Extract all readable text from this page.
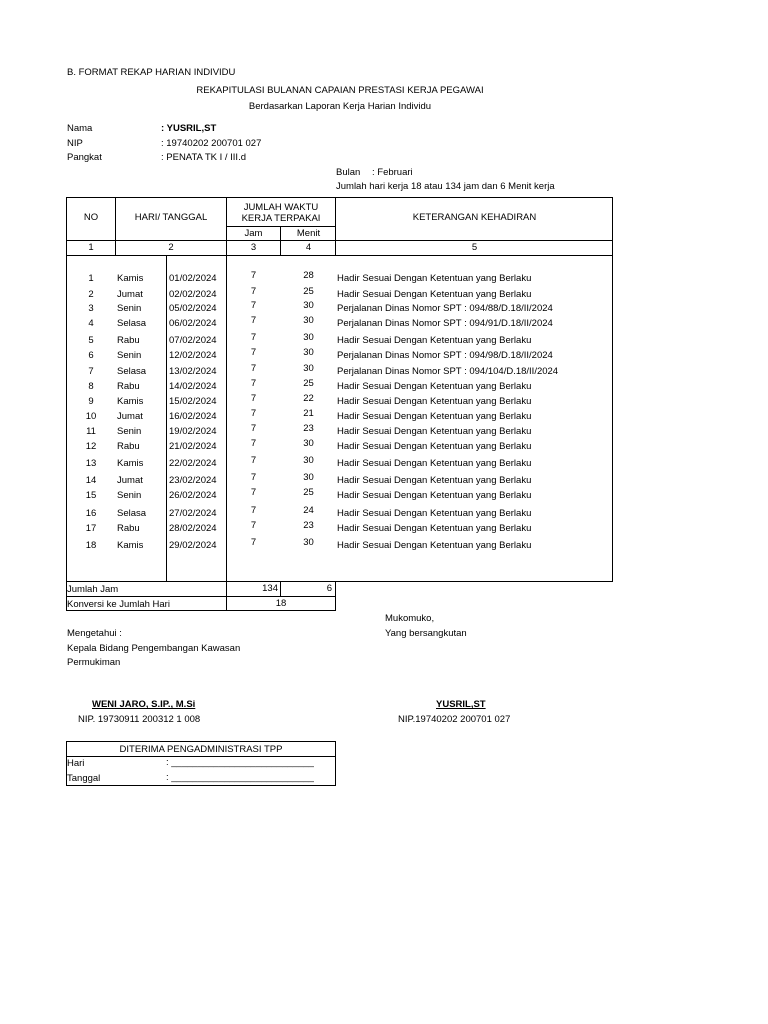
B. FORMAT REKAP HARIAN INDIVIDU
REKAPITULASI BULANAN CAPAIAN PRESTASI KERJA PEGAWAI
Berdasarkan Laporan Kerja Harian Individu
Nama	: YUSRIL,ST
NIP	: 19740202 200701 027
Pangkat	: PENATA TK I / III.d
Bulan : Februari
Jumlah hari kerja 18 atau 134 jam dan 6 Menit kerja
NO	HARI/ TANGGAL
JUMLAH WAKTU KERJA TERPAKAI
Jam	Menit
KETERANGAN KEHADIRAN
1	2	3	4	5
1	Kamis	01/02/2024	7	28	Hadir Sesuai Dengan Ketentuan yang Berlaku
2	Jumat	02/02/2024	7	25	Hadir Sesuai Dengan Ketentuan yang Berlaku
3	Senin	05/02/2024	7	30	Perjalanan Dinas Nomor SPT : 094/88/D.18/II/2024
4	Selasa	06/02/2024	7	30	Perjalanan Dinas Nomor SPT : 094/91/D.18/II/2024
5	Rabu	07/02/2024	7	30	Hadir Sesuai Dengan Ketentuan yang Berlaku
6	Senin	12/02/2024	7	30	Perjalanan Dinas Nomor SPT : 094/98/D.18/II/2024
7	Selasa	13/02/2024	7	30	Perjalanan Dinas Nomor SPT : 094/104/D.18/II/2024
8	Rabu	14/02/2024	7	25	Hadir Sesuai Dengan Ketentuan yang Berlaku
9	Kamis	15/02/2024	7	22	Hadir Sesuai Dengan Ketentuan yang Berlaku
10	Jumat	16/02/2024	7	21	Hadir Sesuai Dengan Ketentuan yang Berlaku
11	Senin	19/02/2024	7	23	Hadir Sesuai Dengan Ketentuan yang Berlaku
12	Rabu	21/02/2024	7	30	Hadir Sesuai Dengan Ketentuan yang Berlaku
13	Kamis	22/02/2024	7	30	Hadir Sesuai Dengan Ketentuan yang Berlaku
14	Jumat	23/02/2024	7	30	Hadir Sesuai Dengan Ketentuan yang Berlaku
15	Senin	26/02/2024	7	25	Hadir Sesuai Dengan Ketentuan yang Berlaku
16	Selasa	27/02/2024	7	24	Hadir Sesuai Dengan Ketentuan yang Berlaku
17	Rabu	28/02/2024	7	23	Hadir Sesuai Dengan Ketentuan yang Berlaku
18	Kamis	29/02/2024	7	30	Hadir Sesuai Dengan Ketentuan yang Berlaku
Jumlah Jam	134	6
Konversi ke Jumlah Hari	18
Mukomuko,
Yang bersangkutan
Mengetahui :
Kepala Bidang Pengembangan Kawasan
Permukiman
WENI JARO, S.IP., M.Si
NIP. 19730911 200312 1 008
YUSRIL,ST
NIP.19740202 200701 027
DITERIMA PENGADMINISTRASI TPP
Hari	: ___________________________
Tanggal	: ___________________________
